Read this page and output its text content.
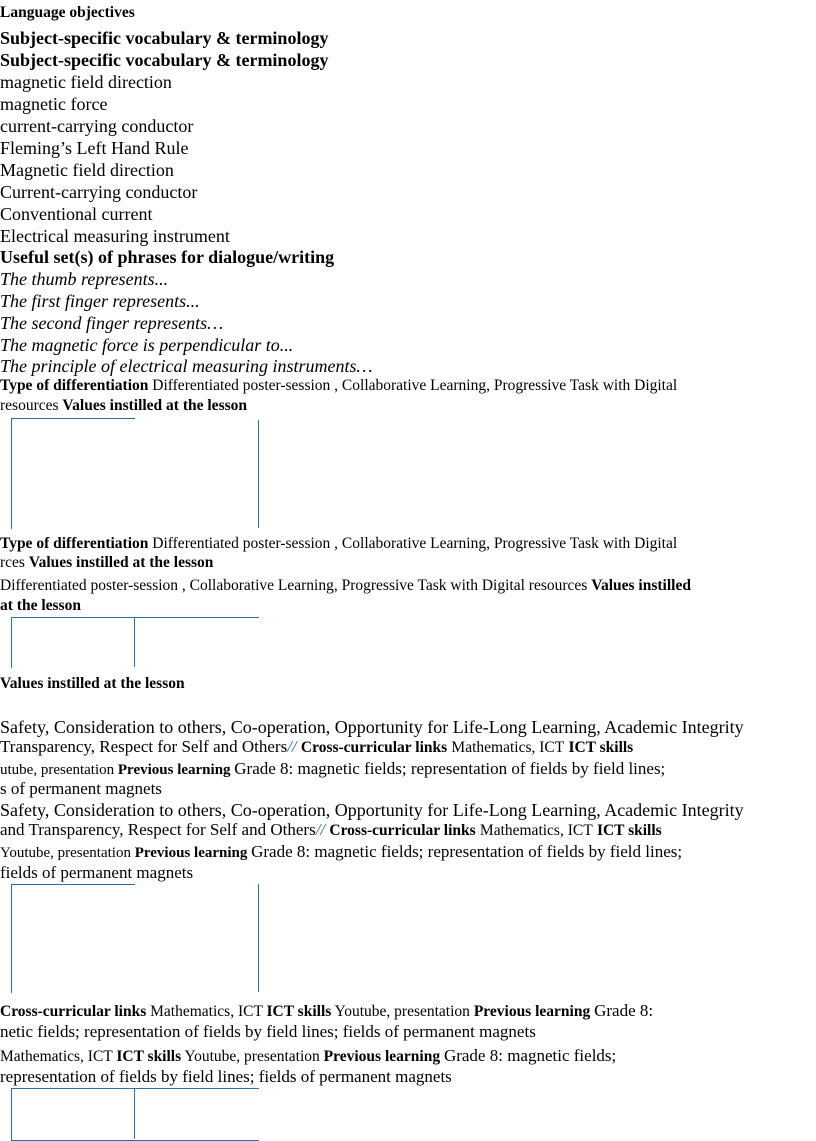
Language objectives
Subject-specific vocabulary & terminology
Subject-specific vocabulary & terminology
magnetic field direction
magnetic force
current-carrying conductor
Fleming’s Left Hand Rule
Magnetic field direction
Current-carrying conductor
Conventional current
Electrical measuring instrument
Useful set(s) of phrases for dialogue/writing
The thumb represents...
The first finger represents...
The second finger represents…
The magnetic force is perpendicular to...
The principle of electrical measuring instruments…
Type of differentiation Differentiated poster-session , Collaborative Learning, Progressive Task with Digital
resources Values instilled at the lesson
Type of differentiation Differentiated poster-session , Collaborative Learning, Progressive Task with Digital
rces Values instilled at the lesson
Differentiated poster-session , Collaborative Learning, Progressive Task with Digital resources Values instilled
at the lesson
Values instilled at the lesson
Safety, Consideration to others, Co-operation, Opportunity for Life-Long Learning, Academic Integrity
Transparency, Respect for Self and Others// Cross-curricular links Mathematics, ICT ICT skills
utube, presentation Previous learning Grade 8: magnetic fields; representation of fields by field lines;
s of permanent magnets
Safety, Consideration to others, Co-operation, Opportunity for Life-Long Learning, Academic Integrity
and Transparency, Respect for Self and Others// Cross-curricular links Mathematics, ICT ICT skills
Youtube, presentation Previous learning Grade 8: magnetic fields; representation of fields by field lines;
fields of permanent magnets
Cross-curricular links Mathematics, ICT ICT skills Youtube, presentation Previous learning Grade 8:
netic fields; representation of fields by field lines; fields of permanent magnets
Mathematics, ICT ICT skills Youtube, presentation Previous learning Grade 8: magnetic fields;
representation of fields by field lines; fields of permanent magnets
